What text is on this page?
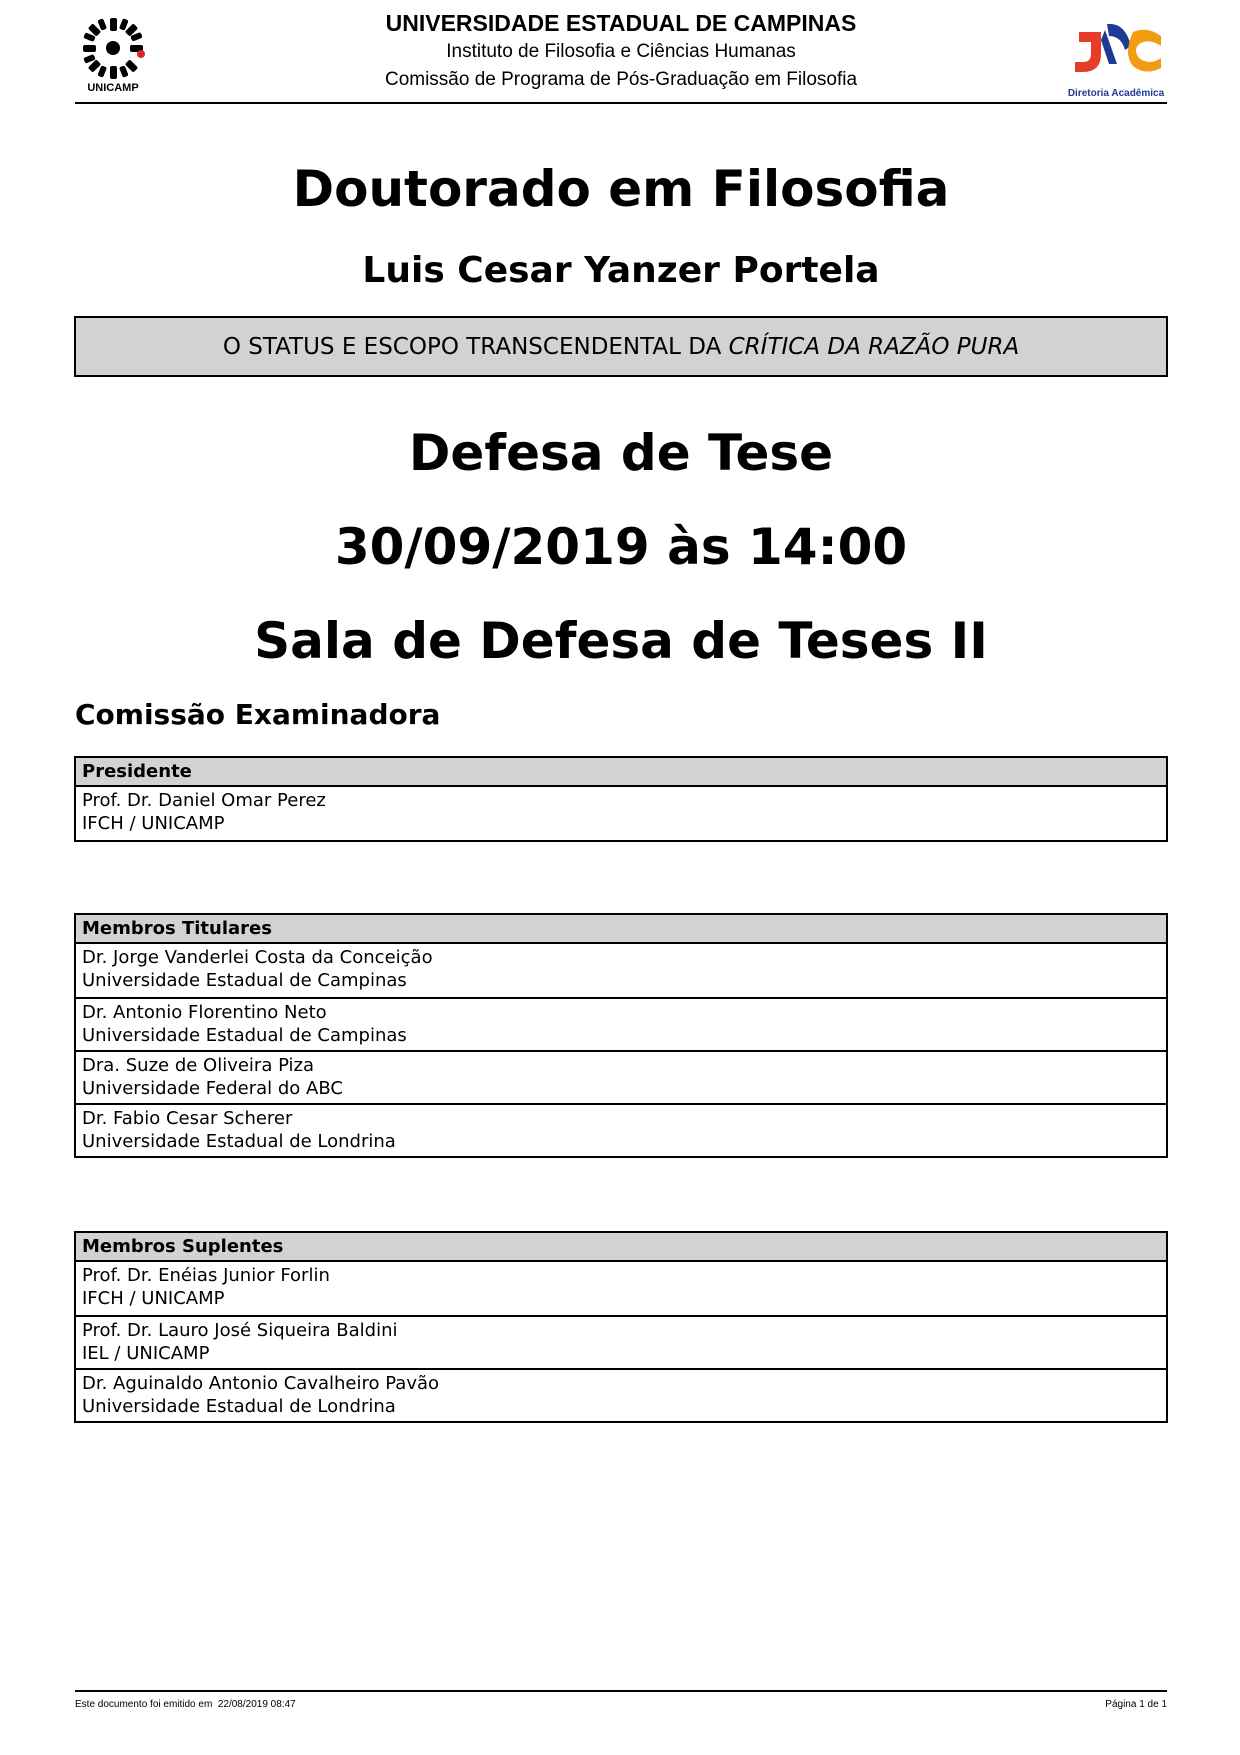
UNICAMP
UNIVERSIDADE ESTADUAL DE CAMPINAS
Instituto de Filosofia e Ciências Humanas
Comissão de Programa de Pós-Graduação em Filosofia
Diretoria Acadêmica
Doutorado em Filosofia
Luis Cesar Yanzer Portela
O STATUS E ESCOPO TRANSCENDENTAL DA CRÍTICA DA RAZÃO PURA
Defesa de Tese
30/09/2019 às 14:00
Sala de Defesa de Teses II
Comissão Examinadora
Presidente
Prof. Dr. Daniel Omar Perez
IFCH / UNICAMP
Membros Titulares
Dr. Jorge Vanderlei Costa da Conceição
Universidade Estadual de Campinas
Dr. Antonio Florentino Neto
Universidade Estadual de Campinas
Dra. Suze de Oliveira Piza
Universidade Federal do ABC
Dr. Fabio Cesar Scherer
Universidade Estadual de Londrina
Membros Suplentes
Prof. Dr. Enéias Junior Forlin
IFCH / UNICAMP
Prof. Dr. Lauro José Siqueira Baldini
IEL / UNICAMP
Dr. Aguinaldo Antonio Cavalheiro Pavão
Universidade Estadual de Londrina
Este documento foi emitido em  22/08/2019 08:47	Página 1 de 1
